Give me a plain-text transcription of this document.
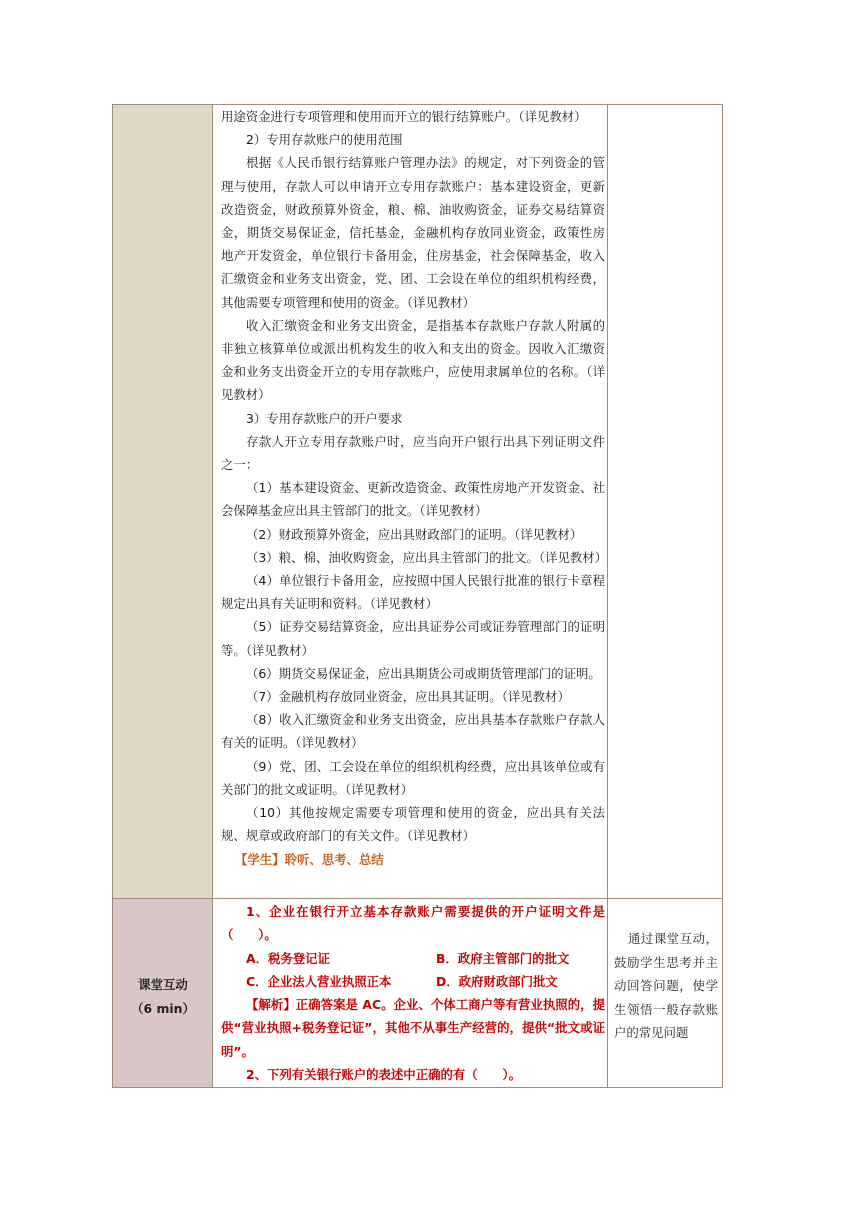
用途资金进行专项管理和使用而开立的银行结算账户。（详见教材）

2）专用存款账户的使用范围

根据《人民币银行结算账户管理办法》的规定，对下列资金的管理与使用，存款人可以申请开立专用存款账户：基本建设资金，更新改造资金，财政预算外资金，粮、棉、油收购资金，证券交易结算资金，期货交易保证金，信托基金，金融机构存放同业资金，政策性房地产开发资金，单位银行卡备用金，住房基金，社会保障基金，收入汇缴资金和业务支出资金，党、团、工会设在单位的组织机构经费，其他需要专项管理和使用的资金。（详见教材）

收入汇缴资金和业务支出资金，是指基本存款账户存款人附属的非独立核算单位或派出机构发生的收入和支出的资金。因收入汇缴资金和业务支出资金开立的专用存款账户，应使用隶属单位的名称。（详见教材）

3）专用存款账户的开户要求

存款人开立专用存款账户时，应当向开户银行出具下列证明文件之一：

（1）基本建设资金、更新改造资金、政策性房地产开发资金、社会保障基金应出具主管部门的批文。（详见教材）

（2）财政预算外资金，应出具财政部门的证明。（详见教材）

（3）粮、棉、油收购资金，应出具主管部门的批文。（详见教材）

（4）单位银行卡备用金，应按照中国人民银行批准的银行卡章程规定出具有关证明和资料。（详见教材）

（5）证券交易结算资金，应出具证券公司或证券管理部门的证明等。（详见教材）

（6）期货交易保证金，应出具期货公司或期货管理部门的证明。

（7）金融机构存放同业资金，应出具其证明。（详见教材）

（8）收入汇缴资金和业务支出资金，应出具基本存款账户存款人有关的证明。（详见教材）

（9）党、团、工会设在单位的组织机构经费，应出具该单位或有关部门的批文或证明。（详见教材）

（10）其他按规定需要专项管理和使用的资金，应出具有关法规、规章或政府部门的有关文件。（详见教材）

【学生】聆听、思考、总结

课堂互动
（6 min）

1、企业在银行开立基本存款账户需要提供的开户证明文件是（　　）。

A．税务登记证	B．政府主管部门的批文
C．企业法人营业执照正本	D．政府财政部门批文

【解析】正确答案是 AC。企业、个体工商户等有营业执照的，提供“营业执照+税务登记证”，其他不从事生产经营的，提供“批文或证明”。

2、下列有关银行账户的表述中正确的有（　　）。

通过课堂互动，鼓励学生思考并主动回答问题，使学生领悟一般存款账户的常见问题
